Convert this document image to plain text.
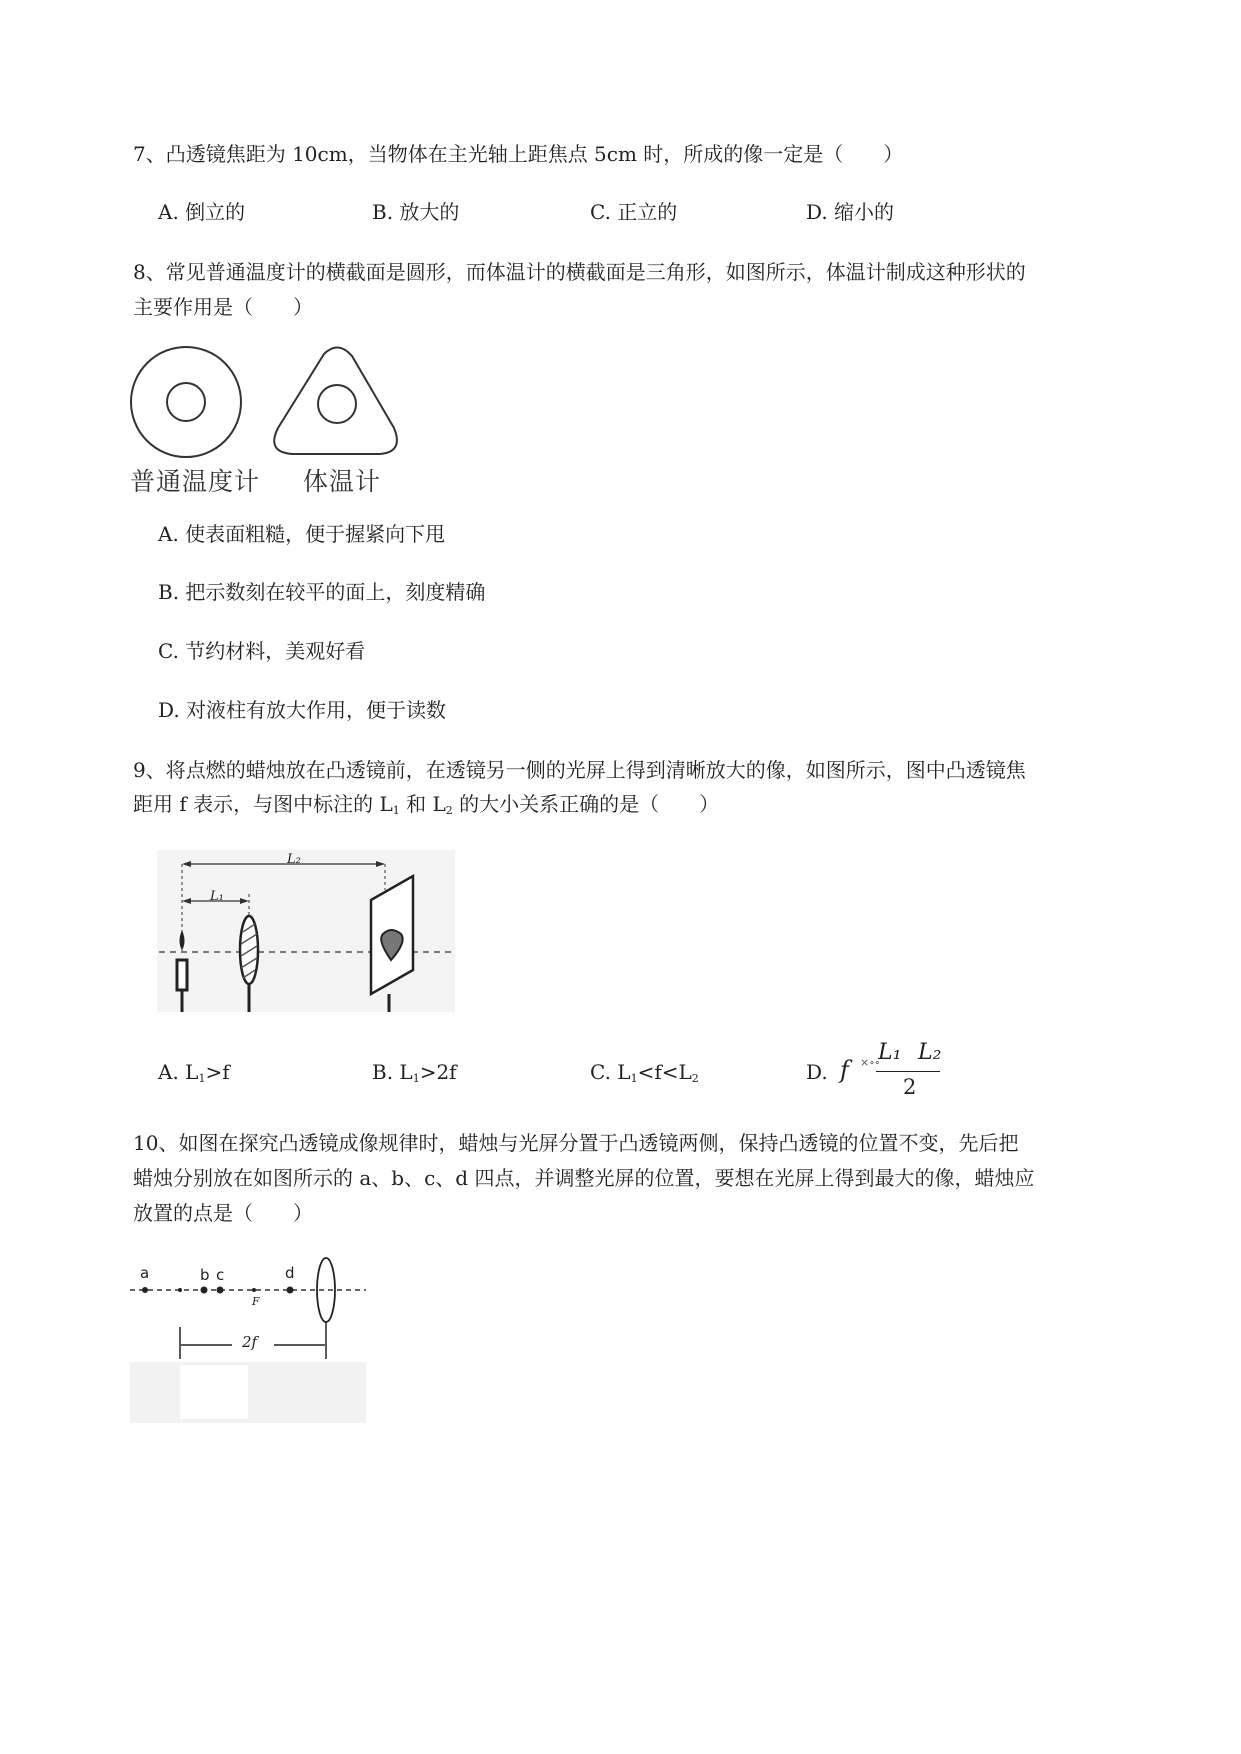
7、凸透镜焦距为 10cm，当物体在主光轴上距焦点 5cm 时，所成的像一定是（　　）
A. 倒立的	B. 放大的	C. 正立的	D. 缩小的
8、常见普通温度计的横截面是圆形，而体温计的横截面是三角形，如图所示，体温计制成这种形状的
主要作用是（　　）
普通温度计 体温计
A. 使表面粗糙，便于握紧向下甩
B. 把示数刻在较平的面上，刻度精确
C. 节约材料，美观好看
D. 对液柱有放大作用，便于读数
9、将点燃的蜡烛放在凸透镜前，在透镜另一侧的光屏上得到清晰放大的像，如图所示，图中凸透镜焦
距用 f 表示，与图中标注的 $L_1$ 和 $L_2$ 的大小关系正确的是（　　）
L₂
L₁
A. $L_1>f$	B. $L_1>2f$	C. $L_1<f<L_2$	D. f ×∘∘
L₁ L₂
2
10、如图在探究凸透镜成像规律时，蜡烛与光屏分置于凸透镜两侧，保持凸透镜的位置不变，先后把
蜡烛分别放在如图所示的 a、b、c、d 四点，并调整光屏的位置，要想在光屏上得到最大的像，蜡烛应
放置的点是（　　）
a	b c	d
F
2f
